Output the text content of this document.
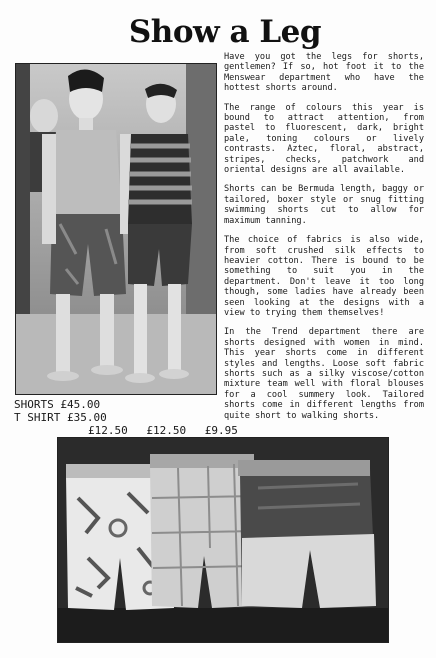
Show a Leg

Have you got the legs for shorts, gentlemen? If so, hot foot it to the Menswear department who have the hottest shorts around.

The range of colours this year is bound to attract attention, from pastel to fluorescent, dark, bright pale, toning colours or lively contrasts. Aztec, floral, abstract, stripes, checks, patchwork and oriental designs are all available.

Shorts can be Bermuda length, baggy or tailored, boxer style or snug fitting swimming shorts cut to allow for maximum tanning.

The choice of fabrics is also wide, from soft crushed silk effects to heavier cotton. There is bound to be something to suit you in the department. Don't leave it too long though, some ladies have already been seen looking at the designs with a view to trying them themselves!

In the Trend department there are shorts designed with women in mind. This year shorts come in different styles and lengths. Loose soft fabric shorts such as a silky viscose/cotton mixture team well with floral blouses for a cool summery look. Tailored shorts come in different lengths from quite short to walking shorts.

SHORTS £45.00
T SHIRT £35.00
£12.50 £12.50 £9.95
